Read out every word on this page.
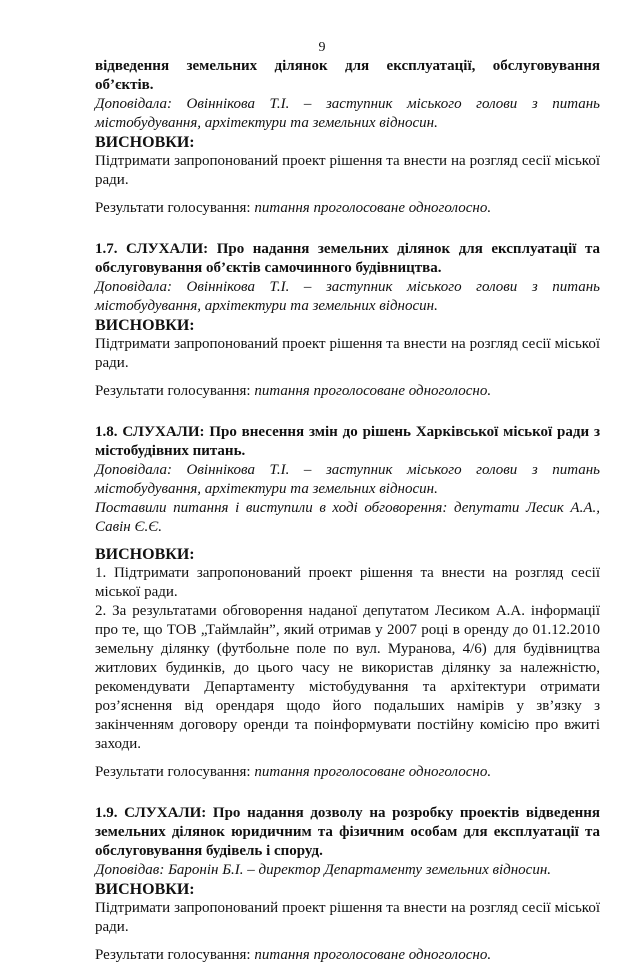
9

відведення земельних ділянок для експлуатації, обслуговування

об’єктів.

Доповідала: Овіннікова Т.І. – заступник міського голови з питань

містобудування, архітектури та земельних відносин.

ВИСНОВКИ:

Підтримати запропонований проект рішення та внести на розгляд сесії міської

ради.

Результати голосування: питання проголосоване одноголосно.

1.7. СЛУХАЛИ: Про надання земельних ділянок для експлуатації та

обслуговування об’єктів самочинного будівництва.

Доповідала: Овіннікова Т.І. – заступник міського голови з питань

містобудування, архітектури та земельних відносин.

ВИСНОВКИ:

Підтримати запропонований проект рішення та внести на розгляд сесії міської

ради.

Результати голосування: питання проголосоване одноголосно.

1.8. СЛУХАЛИ: Про внесення змін до рішень Харківської міської ради з

містобудівних питань.

Доповідала: Овіннікова Т.І. – заступник міського голови з питань

містобудування, архітектури та земельних відносин.

Поставили питання і виступили в ході обговорення: депутати Лесик А.А.,

Савін Є.Є.

ВИСНОВКИ:

1. Підтримати запропонований проект рішення та внести на розгляд сесії

міської ради.

2. За результатами обговорення наданої депутатом Лесиком А.А. інформації

про те, що ТОВ „Таймлайн”, який отримав у 2007 році в оренду до 01.12.2010

земельну ділянку (футбольне поле по вул. Муранова, 4/6) для будівництва

житлових будинків, до цього часу не використав ділянку за належністю,

рекомендувати Департаменту містобудування та архітектури отримати

роз’яснення від орендаря щодо його подальших намірів у зв’язку з

закінченням договору оренди та поінформувати постійну комісію про вжиті

заходи.

Результати голосування: питання проголосоване одноголосно.

1.9. СЛУХАЛИ: Про надання дозволу на розробку проектів відведення

земельних ділянок юридичним та фізичним особам для експлуатації та

обслуговування будівель і споруд.

Доповідав: Баронін Б.І. – директор Департаменту земельних відносин.

ВИСНОВКИ:

Підтримати запропонований проект рішення та внести на розгляд сесії міської

ради.

Результати голосування: питання проголосоване одноголосно.
